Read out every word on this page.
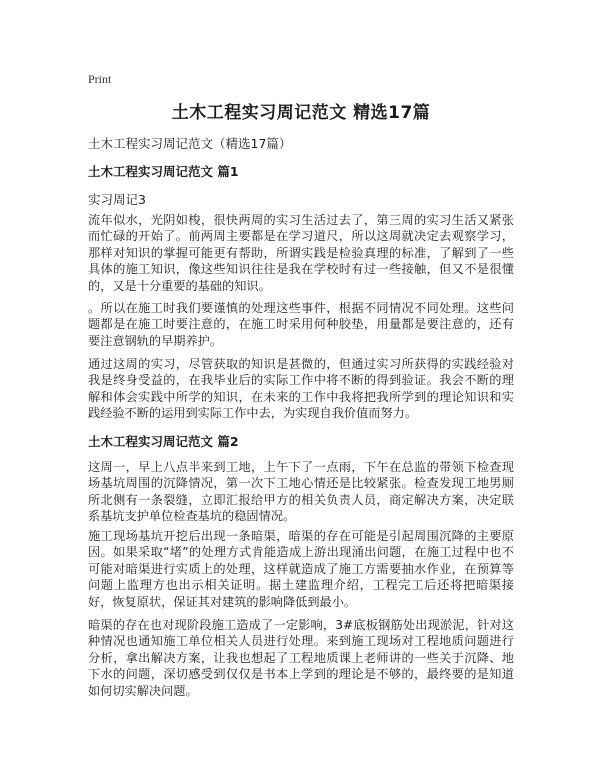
Print
土木工程实习周记范文 精选17篇
土木工程实习周记范文（精选17篇）
土木工程实习周记范文 篇1
实习周记3

流年似水，光阴如梭，很快两周的实习生活过去了，第三周的实习生活又紧张而忙碌的开始了。前两周主要都是在学习道尺，所以这周就决定去观察学习，那样对知识的掌握可能更有帮助，所谓实践是检验真理的标准，了解到了一些具体的施工知识，像这些知识往往是我在学校时有过一些接触，但又不是很懂的，又是十分重要的基础的知识。

。所以在施工时我们要谨慎的处理这些事件，根据不同情况不同处理。这些问题都是在施工时要注意的，在施工时采用何种胶垫，用量都是要注意的，还有要注意钢轨的早期养护。

通过这周的实习，尽管获取的知识是甚微的，但通过实习所获得的实践经验对我是终身受益的，在我毕业后的实际工作中将不断的得到验证。我会不断的理解和体会实践中所学的知识，在未来的工作中我将把我所学到的理论知识和实践经验不断的运用到实际工作中去，为实现自我价值而努力。

土木工程实习周记范文 篇2

这周一，早上八点半来到工地，上午下了一点雨，下午在总监的带领下检查现场基坑周围的沉降情况，第一次下工地心情还是比较紧张。检查发现工地男厕所北侧有一条裂缝，立即汇报给甲方的相关负责人员，商定解决方案，决定联系基坑支护单位检查基坑的稳固情况。

施工现场基坑开挖后出现一条暗渠，暗渠的存在可能是引起周围沉降的主要原因。如果采取“堵”的处理方式肯能造成上游出现涌出问题，在施工过程中也不可能对暗渠进行实质上的处理，这样就造成了施工方需要抽水作业，在预算等问题上监理方也出示相关证明。据土建监理介绍，工程完工后还将把暗渠接好，恢复原状，保证其对建筑的影响降低到最小。

暗渠的存在也对现阶段施工造成了一定影响，3#底板钢筋处出现淤泥，针对这种情况也通知施工单位相关人员进行处理。来到施工现场对工程地质问题进行分析，拿出解决方案，让我也想起了工程地质课上老师讲的一些关于沉降、地下水的问题，深切感受到仅仅是书本上学到的理论是不够的，最终要的是知道如何切实解决问题。
